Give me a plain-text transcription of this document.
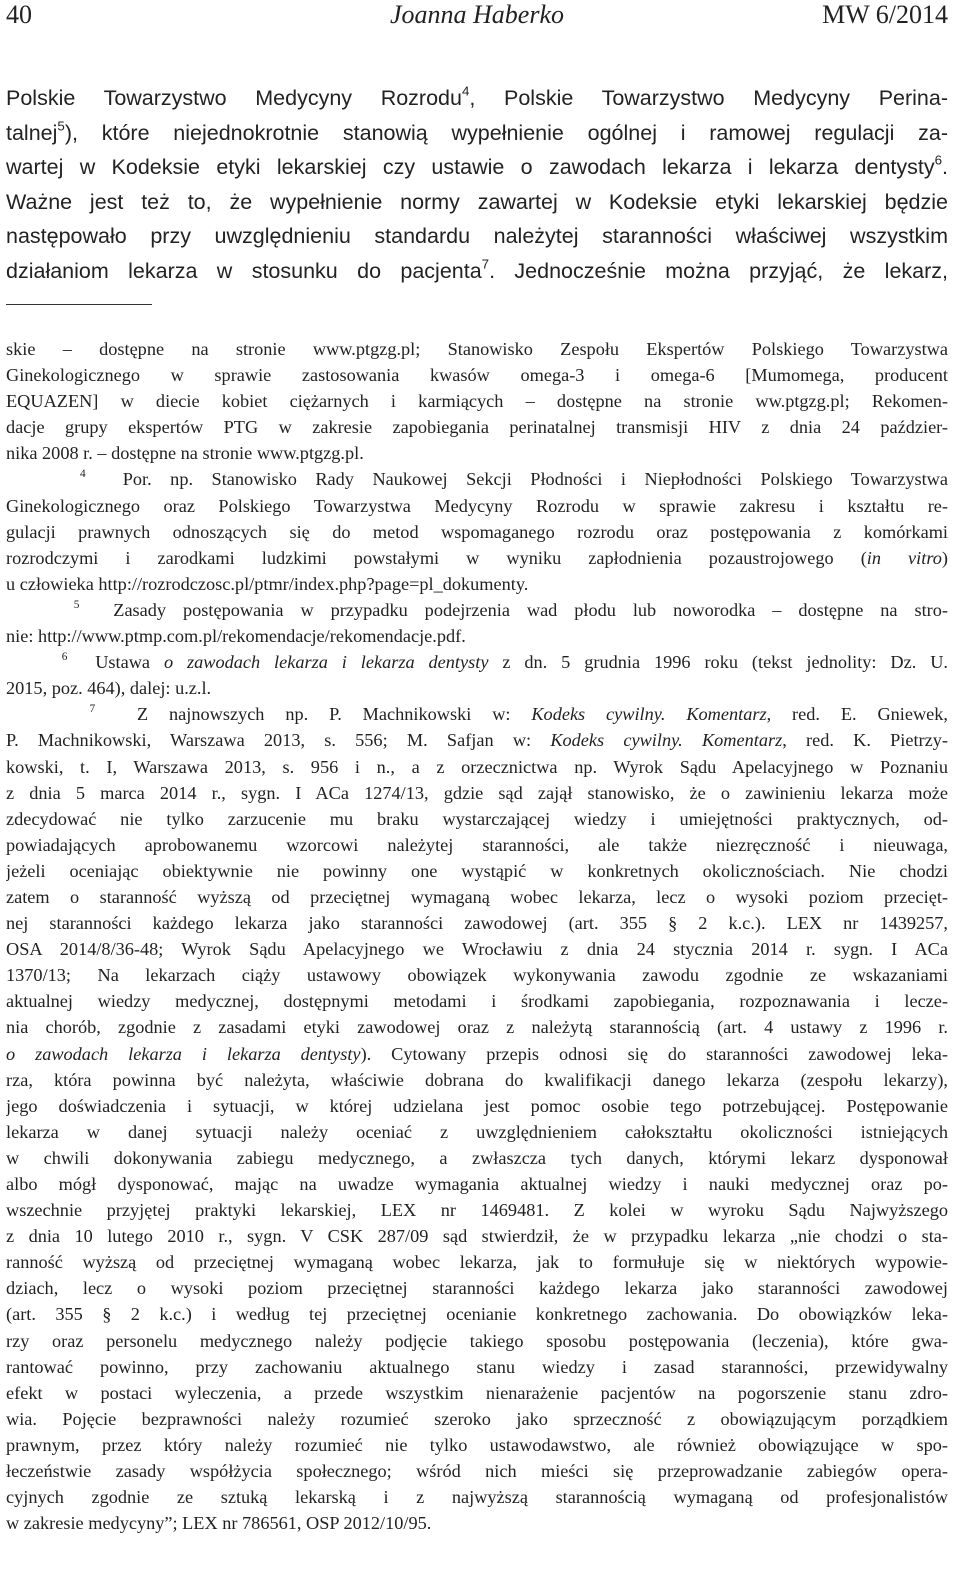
40	Joanna Haberko	MW 6/2014
Polskie Towarzystwo Medycyny Rozrodu$^4$, Polskie Towarzystwo Medycyny Perina-
talnej$^5$), które niejednokrotnie stanowią wypełnienie ogólnej i ramowej regulacji za-
wartej w Kodeksie etyki lekarskiej czy ustawie o zawodach lekarza i lekarza dentysty$^6$.
Ważne jest też to, że wypełnienie normy zawartej w Kodeksie etyki lekarskiej będzie
następowało przy uwzględnieniu standardu należytej staranności właściwej wszystkim
działaniom lekarza w stosunku do pacjenta$^7$. Jednocześnie można przyjąć, że lekarz,
skie – dostępne na stronie www.ptgzg.pl; Stanowisko Zespołu Ekspertów Polskiego Towarzystwa
Ginekologicznego w sprawie zastosowania kwasów omega-3 i omega-6 [Mumomega, producent
EQUAZEN] w diecie kobiet ciężarnych i karmiących – dostępne na stronie ww.ptgzg.pl; Rekomen-
dacje grupy ekspertów PTG w zakresie zapobiegania perinatalnej transmisji HIV z dnia 24 paździer-
nika 2008 r. – dostępne na stronie www.ptgzg.pl.
$^4$  Por. np. Stanowisko Rady Naukowej Sekcji Płodności i Niepłodności Polskiego Towarzystwa
Ginekologicznego oraz Polskiego Towarzystwa Medycyny Rozrodu w sprawie zakresu i kształtu re-
gulacji prawnych odnoszących się do metod wspomaganego rozrodu oraz postępowania z komórkami
rozrodczymi i zarodkami ludzkimi powstałymi w wyniku zapłodnienia pozaustrojowego (in vitro)
u człowieka http://rozrodczosc.pl/ptmr/index.php?page=pl_dokumenty.
$^5$  Zasady postępowania w przypadku podejrzenia wad płodu lub noworodka – dostępne na stro-
nie: http://www.ptmp.com.pl/rekomendacje/rekomendacje.pdf.
$^6$  Ustawa o zawodach lekarza i lekarza dentysty z dn. 5 grudnia 1996 roku (tekst jednolity: Dz. U.
2015, poz. 464), dalej: u.z.l.
$^7$  Z najnowszych np. P. Machnikowski w: Kodeks cywilny. Komentarz, red. E. Gniewek,
P. Machnikowski, Warszawa 2013, s. 556; M. Safjan w: Kodeks cywilny. Komentarz, red. K. Pietrzy-
kowski, t. I, Warszawa 2013, s. 956 i n., a z orzecznictwa np. Wyrok Sądu Apelacyjnego w Poznaniu
z dnia 5 marca 2014 r., sygn. I ACa 1274/13, gdzie sąd zajął stanowisko, że o zawinieniu lekarza może
zdecydować nie tylko zarzucenie mu braku wystarczającej wiedzy i umiejętności praktycznych, od-
powiadających aprobowanemu wzorcowi należytej staranności, ale także niezręczność i nieuwaga,
jeżeli oceniając obiektywnie nie powinny one wystąpić w konkretnych okolicznościach. Nie chodzi
zatem o staranność wyższą od przeciętnej wymaganą wobec lekarza, lecz o wysoki poziom przecięt-
nej staranności każdego lekarza jako staranności zawodowej (art. 355 § 2 k.c.). LEX nr 1439257,
OSA 2014/8/36-48; Wyrok Sądu Apelacyjnego we Wrocławiu z dnia 24 stycznia 2014 r. sygn. I ACa
1370/13; Na lekarzach ciąży ustawowy obowiązek wykonywania zawodu zgodnie ze wskazaniami
aktualnej wiedzy medycznej, dostępnymi metodami i środkami zapobiegania, rozpoznawania i lecze-
nia chorób, zgodnie z zasadami etyki zawodowej oraz z należytą starannością (art. 4 ustawy z 1996 r.
o zawodach lekarza i lekarza dentysty). Cytowany przepis odnosi się do staranności zawodowej leka-
rza, która powinna być należyta, właściwie dobrana do kwalifikacji danego lekarza (zespołu lekarzy),
jego doświadczenia i sytuacji, w której udzielana jest pomoc osobie tego potrzebującej. Postępowanie
lekarza w danej sytuacji należy oceniać z uwzględnieniem całokształtu okoliczności istniejących
w chwili dokonywania zabiegu medycznego, a zwłaszcza tych danych, którymi lekarz dysponował
albo mógł dysponować, mając na uwadze wymagania aktualnej wiedzy i nauki medycznej oraz po-
wszechnie przyjętej praktyki lekarskiej, LEX nr 1469481. Z kolei w wyroku Sądu Najwyższego
z dnia 10 lutego 2010 r., sygn. V CSK 287/09 sąd stwierdził, że w przypadku lekarza „nie chodzi o sta-
ranność wyższą od przeciętnej wymaganą wobec lekarza, jak to formułuje się w niektórych wypowie-
dziach, lecz o wysoki poziom przeciętnej staranności każdego lekarza jako staranności zawodowej
(art. 355 § 2 k.c.) i według tej przeciętnej ocenianie konkretnego zachowania. Do obowiązków leka-
rzy oraz personelu medycznego należy podjęcie takiego sposobu postępowania (leczenia), które gwa-
rantować powinno, przy zachowaniu aktualnego stanu wiedzy i zasad staranności, przewidywalny
efekt w postaci wyleczenia, a przede wszystkim nienarażenie pacjentów na pogorszenie stanu zdro-
wia. Pojęcie bezprawności należy rozumieć szeroko jako sprzeczność z obowiązującym porządkiem
prawnym, przez który należy rozumieć nie tylko ustawodawstwo, ale również obowiązujące w spo-
łeczeństwie zasady współżycia społecznego; wśród nich mieści się przeprowadzanie zabiegów opera-
cyjnych zgodnie ze sztuką lekarską i z najwyższą starannością wymaganą od profesjonalistów
w zakresie medycyny”; LEX nr 786561, OSP 2012/10/95.
